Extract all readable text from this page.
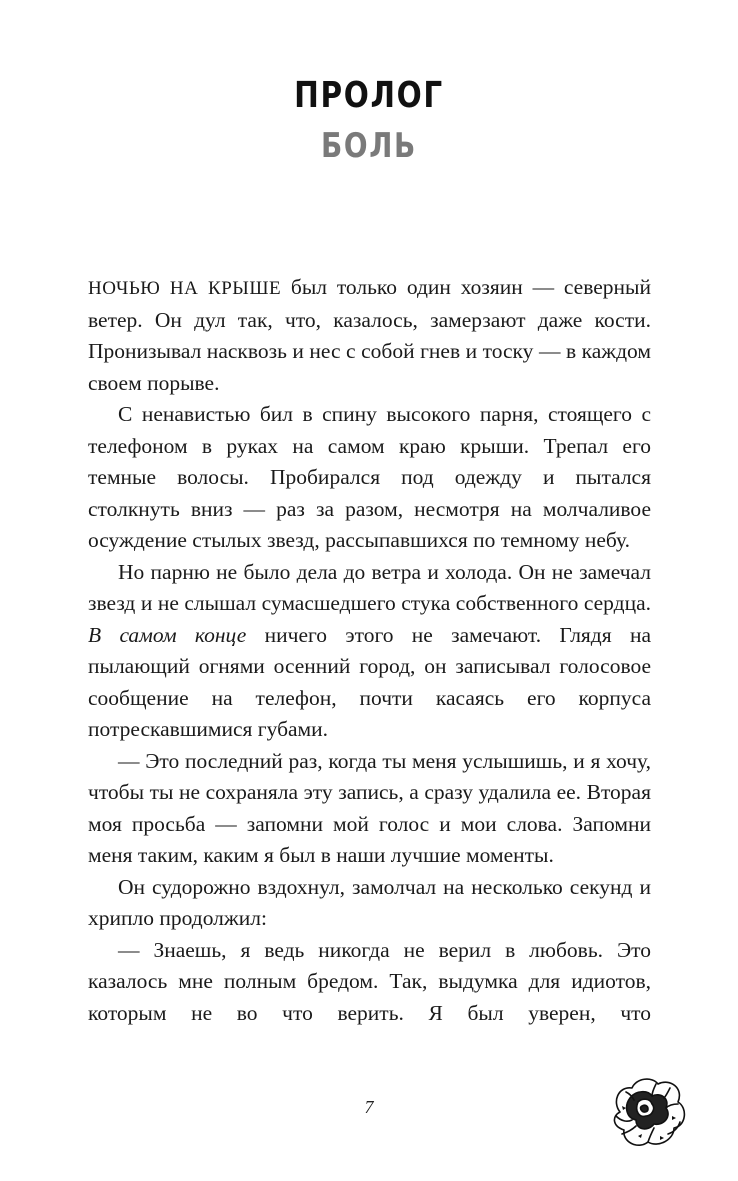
ПРОЛОГ
БОЛЬ

НОЧЬЮ НА КРЫШЕ был только один хозяин — северный ветер. Он дул так, что, казалось, замерзают даже кости. Пронизывал насквозь и нес с собой гнев и тоску — в каждом своем порыве.

С ненавистью бил в спину высокого парня, стоящего с телефоном в руках на самом краю крыши. Трепал его темные волосы. Пробирался под одежду и пытался столкнуть вниз — раз за разом, несмотря на молчаливое осуждение стылых звезд, рассыпавшихся по темному небу.

Но парню не было дела до ветра и холода. Он не замечал звезд и не слышал сумасшедшего стука собственного сердца. В самом конце ничего этого не замечают. Глядя на пылающий огнями осенний город, он записывал голосовое сообщение на телефон, почти касаясь его корпуса потрескавшимися губами.

— Это последний раз, когда ты меня услышишь, и я хочу, чтобы ты не сохраняла эту запись, а сразу удалила ее. Вторая моя просьба — запомни мой голос и мои слова. Запомни меня таким, каким я был в наши лучшие моменты.

Он судорожно вздохнул, замолчал на несколько секунд и хрипло продолжил:

— Знаешь, я ведь никогда не верил в любовь. Это казалось мне полным бредом. Так, выдумка для идиотов, которым не во что верить. Я был уверен, что

7
